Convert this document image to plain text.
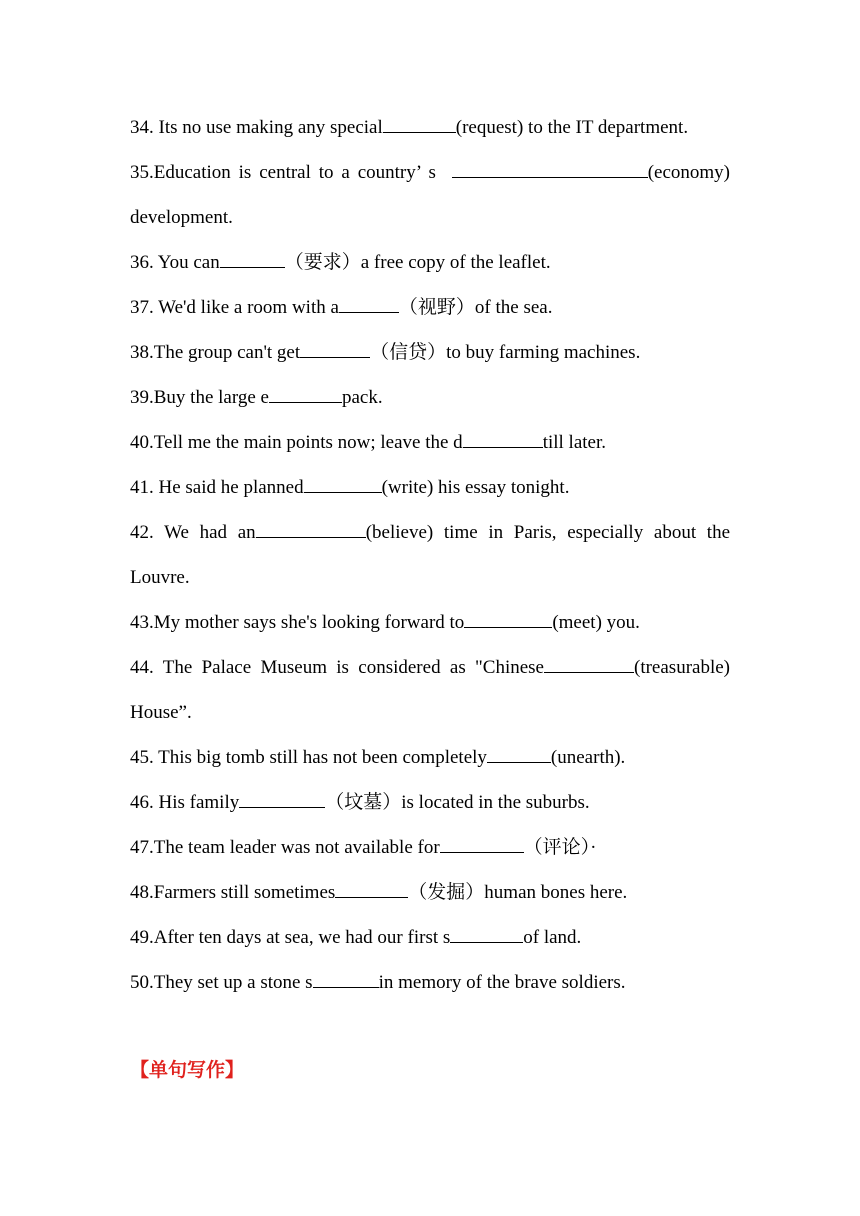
34. Its no use making any special	(request) to the IT department.
35.Education is central to a country’ s	(economy)
development.
36. You can	（要求）a free copy of the leaflet.
37. We'd like a room with a	（视野）of the sea.
38.The group can't get	（信贷）to buy farming machines.
39.Buy the large e	pack.
40.Tell me the main points now; leave the d	till later.
41. He said he planned	(write) his essay tonight.
42. We had an	(believe) time in Paris, especially about the
Louvre.
43.My mother says she's looking forward to	(meet) you.
44. The Palace Museum is considered as "Chinese	(treasurable)
House”.
45. This big tomb still has not been completely	(unearth).
46. His family	（坟墓）is located in the suburbs.
47.The team leader was not available for	（评论）·
48.Farmers still sometimes	（发掘）human bones here.
49.After ten days at sea, we had our first s	of land.
50.They set up a stone s	in memory of the brave soldiers.
【单句写作】
